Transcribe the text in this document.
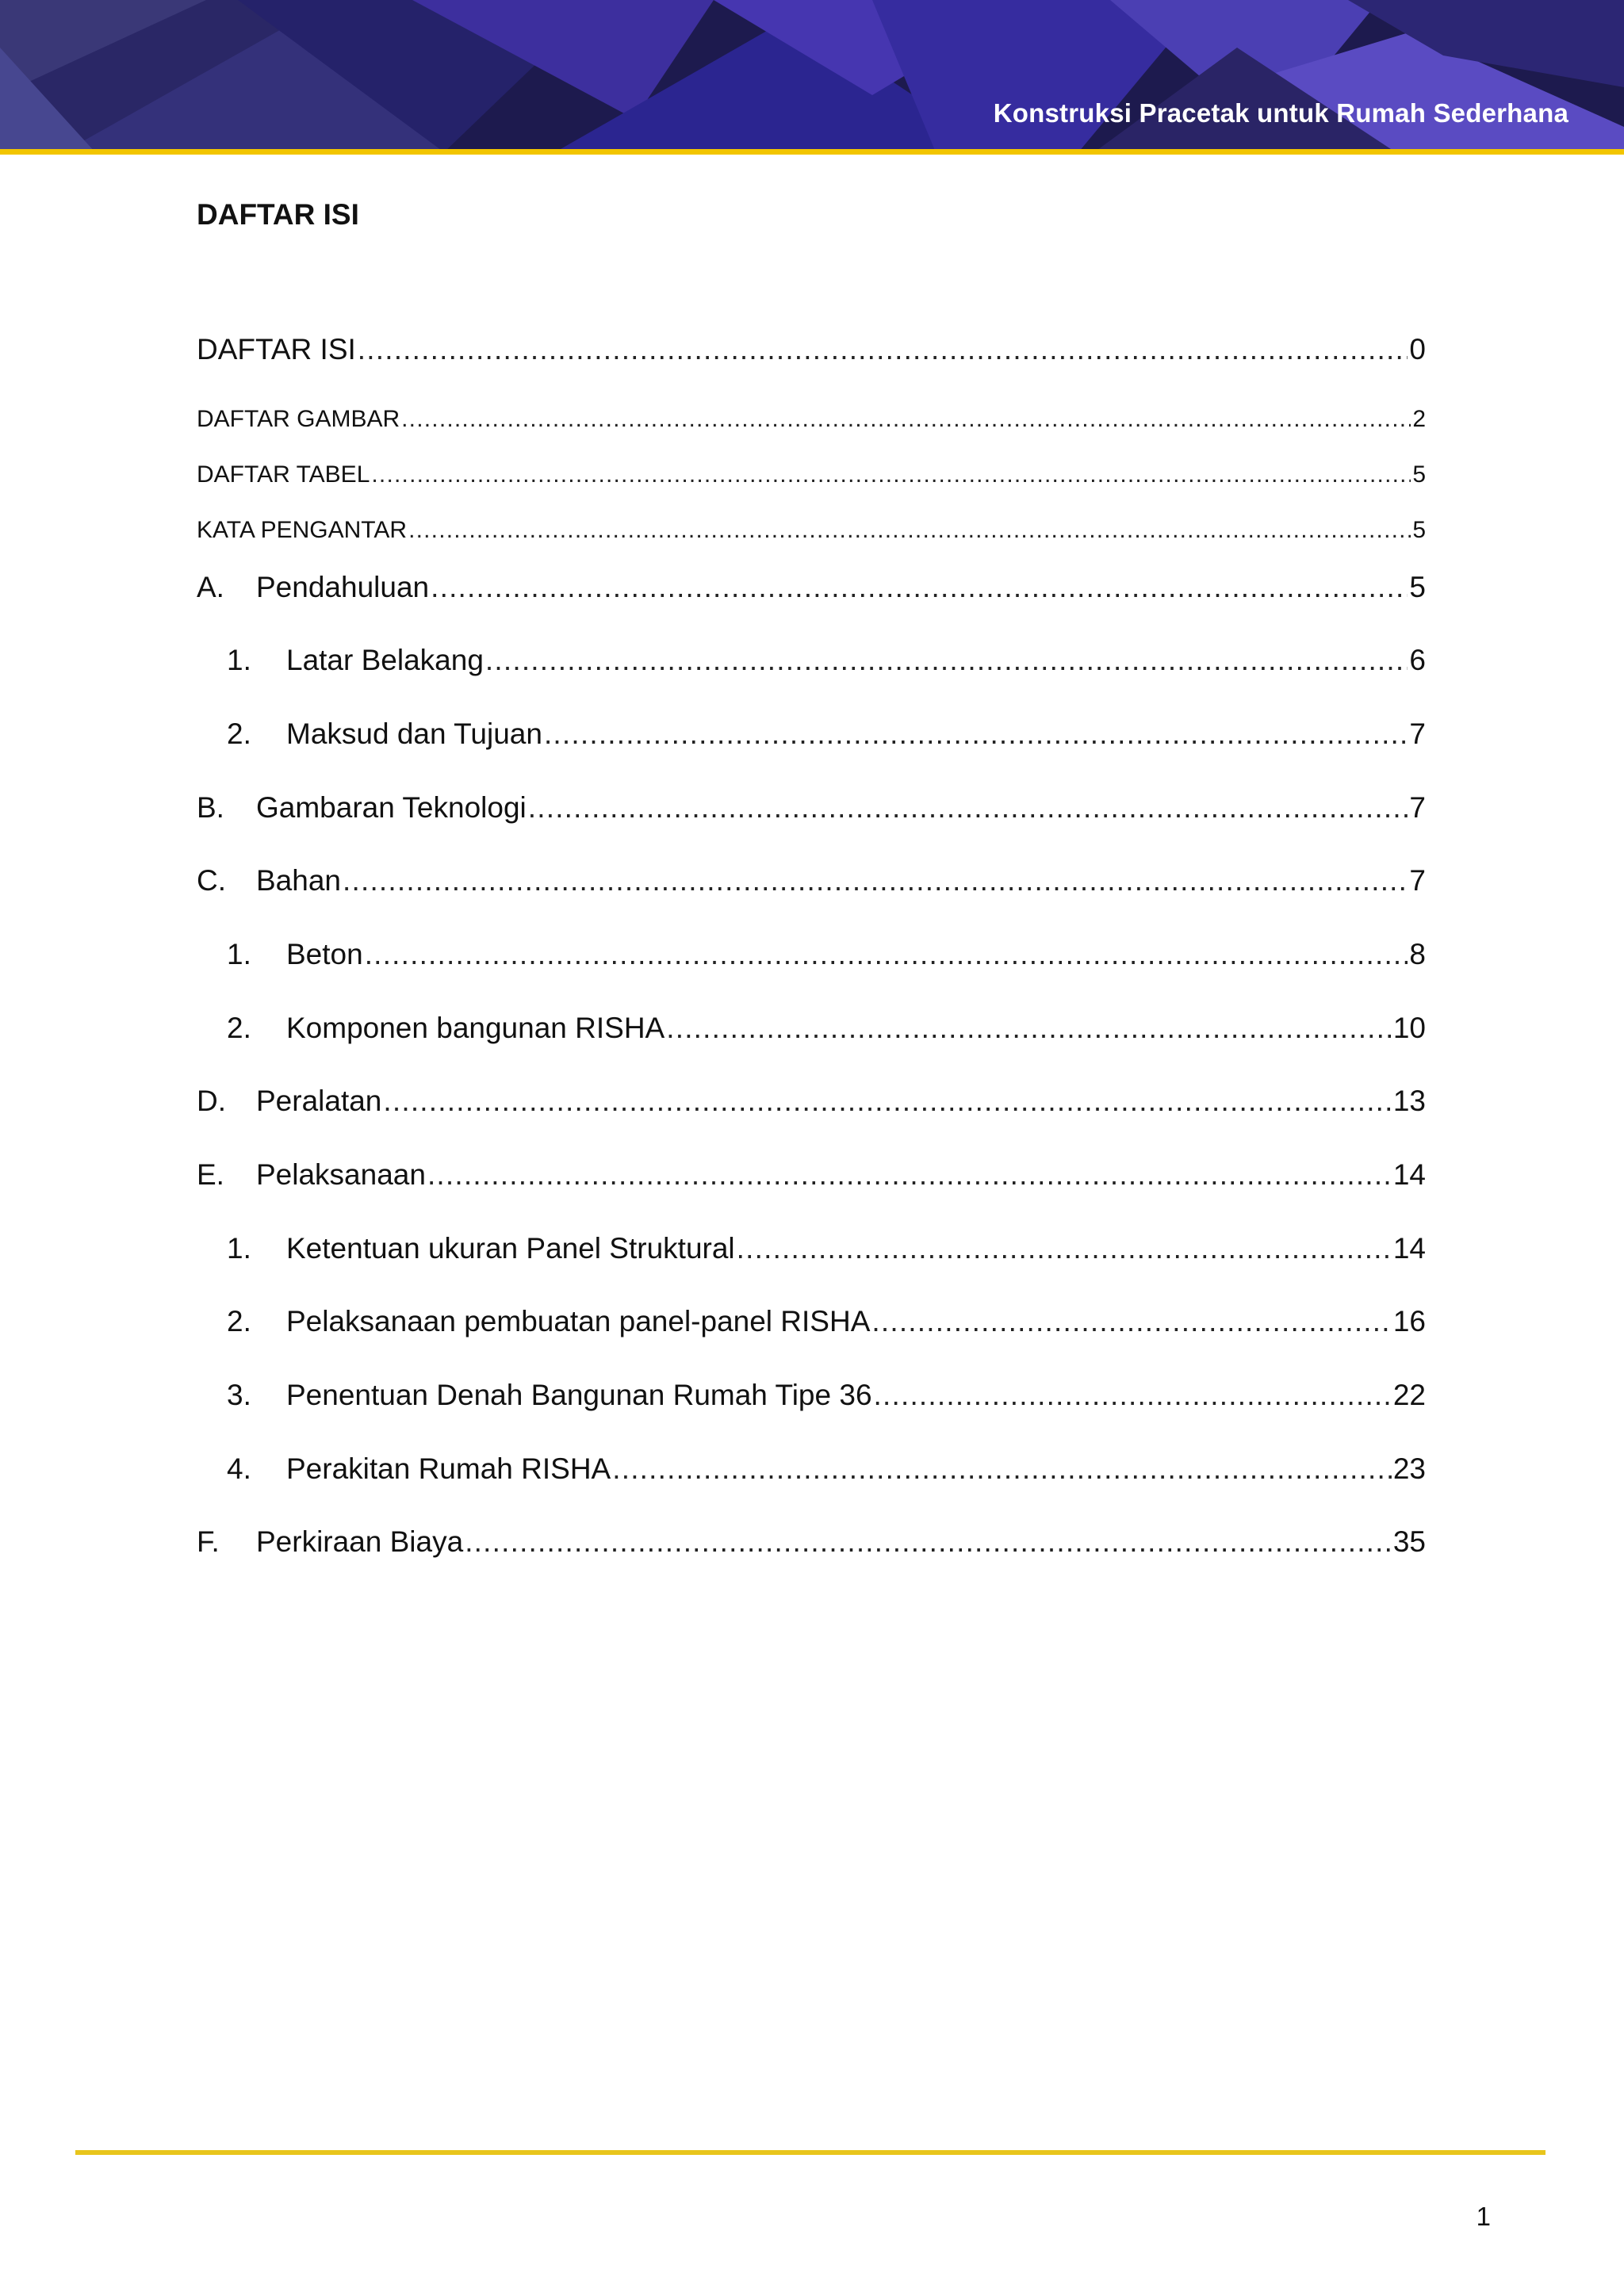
Konstruksi Pracetak untuk Rumah Sederhana
DAFTAR ISI
DAFTAR ISI .....	0
DAFTAR GAMBAR .....	2
DAFTAR TABEL .....	5
KATA PENGANTAR .....	5
A.	Pendahuluan .....	5
1.	Latar Belakang .....	6
2.	Maksud dan Tujuan .....	7
B.	Gambaran Teknologi .....	7
C.	Bahan .....	7
1.	Beton .....	8
2.	Komponen bangunan RISHA .....	10
D.	Peralatan .....	13
E.	Pelaksanaan .....	14
1.	Ketentuan ukuran Panel Struktural .....	14
2.	Pelaksanaan pembuatan panel-panel RISHA .....	16
3.	Penentuan Denah Bangunan Rumah Tipe 36 .....	22
4.	Perakitan Rumah RISHA .....	23
F.	Perkiraan Biaya .....	35
1
